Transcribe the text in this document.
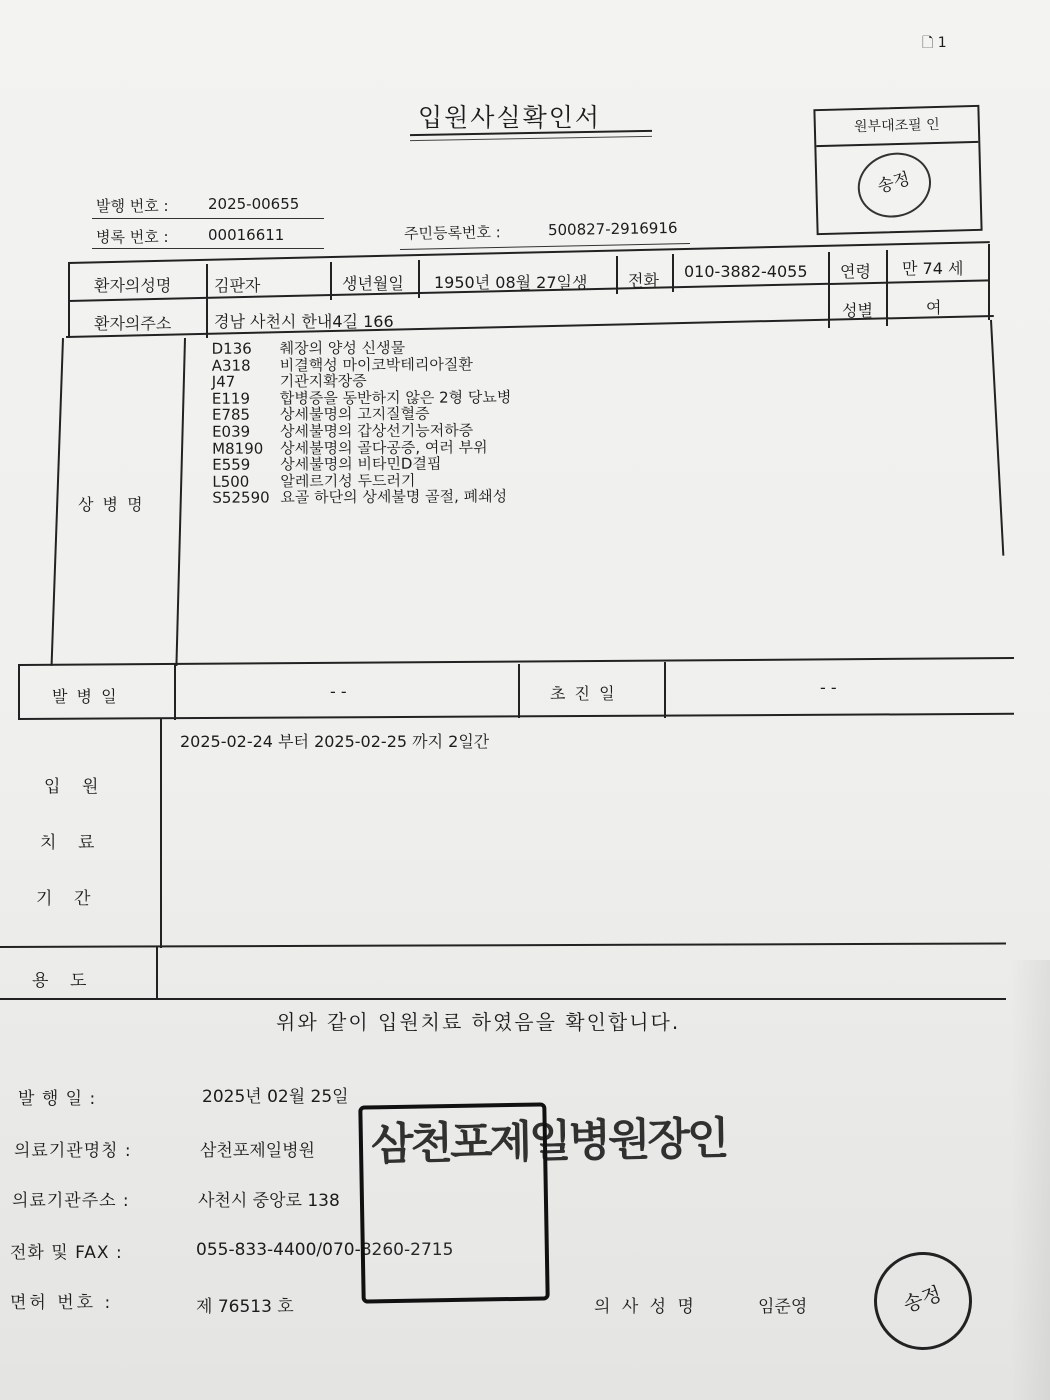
🗋 1
입원사실확인서	원부대조필 인
송정
발행 번호 :	2025-00655
병록 번호 :	00016611	주민등록번호 :	500827-2916916
환자의성명	김판자	생년월일 1950년 08월 27일생	전화 010-3882-4055 연령 만 74 세
환자의주소	경남 사천시 한내4길 166
성별	여
상 병 명
D136	췌장의 양성 신생물
A318	비결핵성 마이코박테리아질환
J47	기관지확장증
E119	합병증을 동반하지 않은 2형 당뇨병
E785	상세불명의 고지질혈증
E039	상세불명의 갑상선기능저하증
M8190	상세불명의 골다공증, 여러 부위
E559	상세불명의 비타민D결핍
L500	알레르기성 두드러기
S52590 요골 하단의 상세불명 골절, 폐쇄성
발 병 일	- -	초 진 일	- -
2025-02-24 부터 2025-02-25 까지 2일간
입    원
치    료
기    간
용    도
위와 같이 입원치료 하였음을 확인합니다.
발 행 일 :	2025년 02월 25일
의료기관명칭 :	삼천포제일병원
의료기관주소 :	사천시 중앙로 138
전화 및 FAX :	055-833-4400/070-8260-2715
면허 번호 :	제 76513 호	의 사 성 명	임준영
삼천포제일병원장인
송정
